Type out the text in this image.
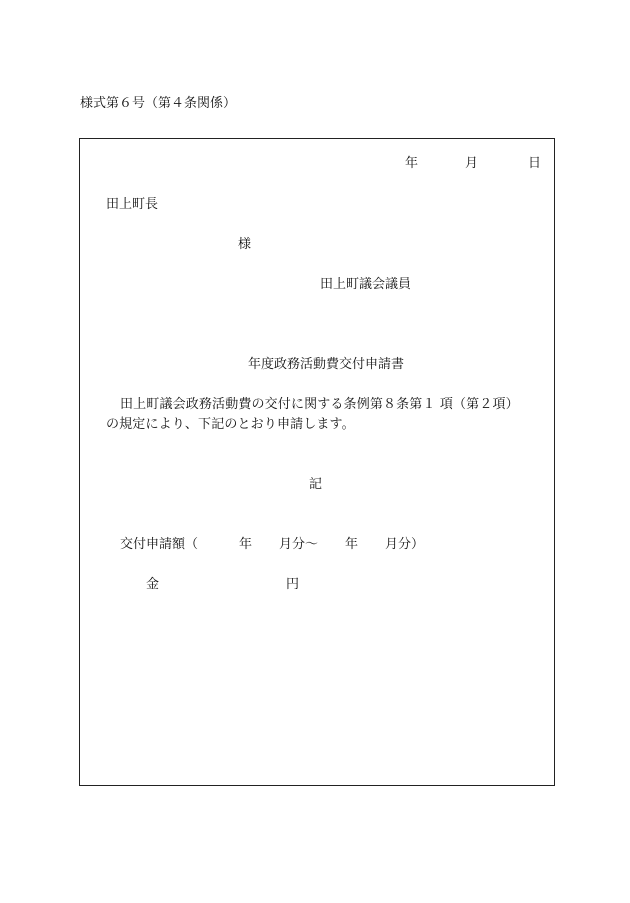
様式第６号（第４条関係）
年	月	日
田上町長
様
田上町議会議員
年度政務活動費交付申請書
田上町議会政務活動費の交付に関する条例第８条第１ 項（第２項）
の規定により、下記のとおり申請します。
記
交付申請額（	年 月分〜 年 月分）
金	円
